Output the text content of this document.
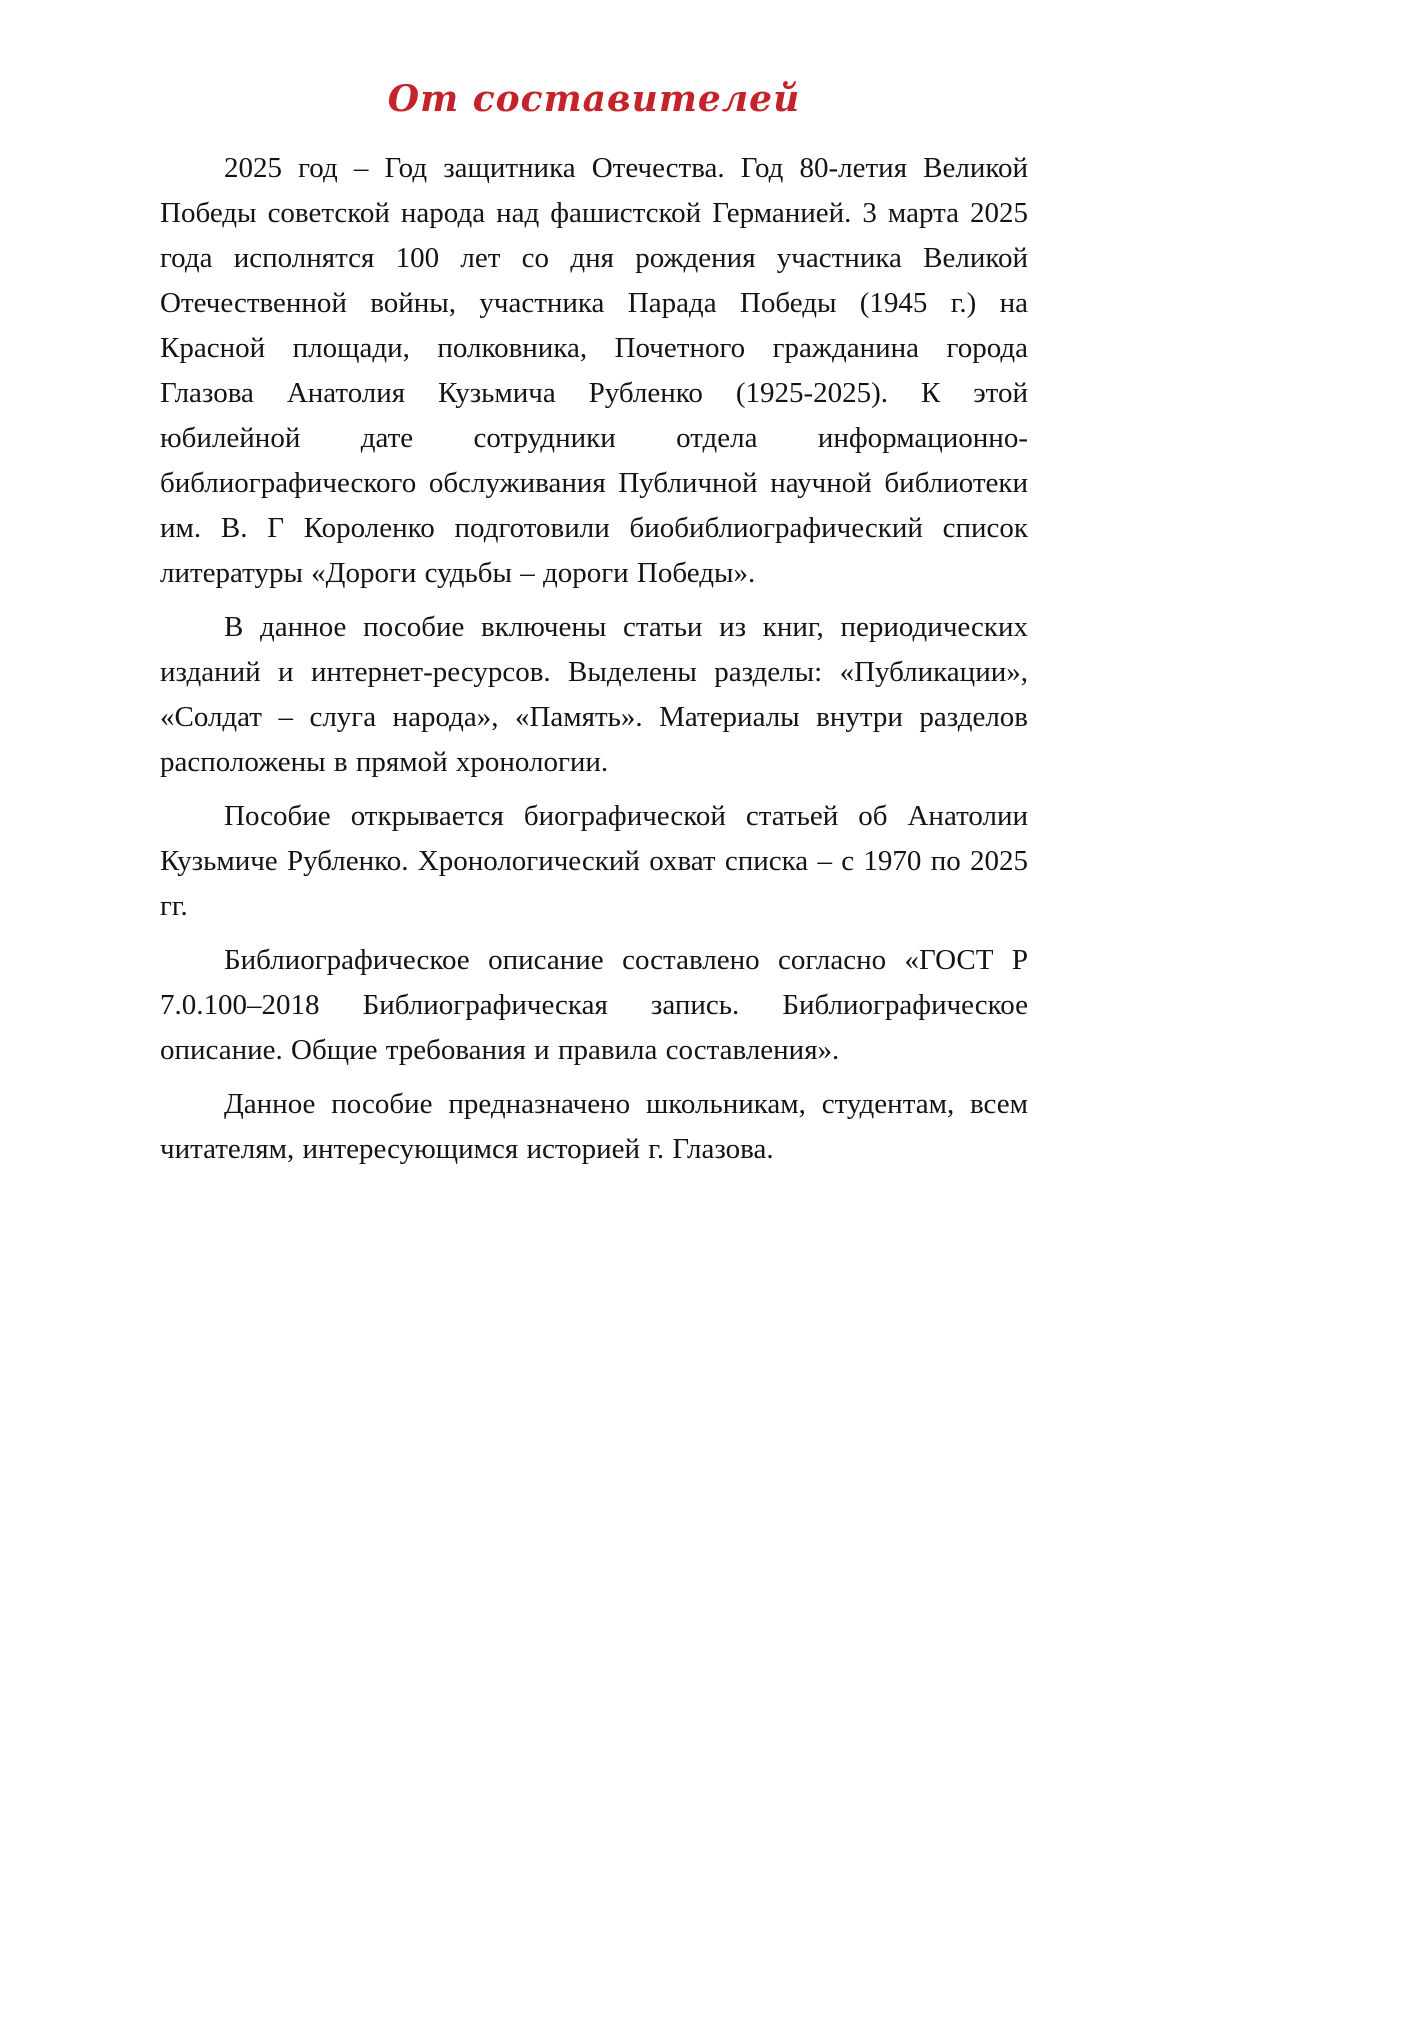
От составителей

2025 год – Год защитника Отечества. Год 80-летия Великой Победы советской народа над фашистской Германией. 3 марта 2025 года исполнятся 100 лет со дня рождения участника Великой Отечественной войны, участника Парада Победы (1945 г.) на Красной площади, полковника, Почетного гражданина города Глазова Анатолия Кузьмича Рубленко (1925-2025). К этой юбилейной дате сотрудники отдела информационно-библиографического обслуживания Публичной научной библиотеки им. В. Г Короленко подготовили биобиблиографический список литературы «Дороги судьбы – дороги Победы».

В данное пособие включены статьи из книг, периодических изданий и интернет-ресурсов. Выделены разделы: «Публикации», «Солдат – слуга народа», «Память». Материалы внутри разделов расположены в прямой хронологии.

Пособие открывается биографической статьей об Анатолии Кузьмиче Рубленко. Хронологический охват списка – с 1970 по 2025 гг.

Библиографическое описание составлено согласно «ГОСТ Р 7.0.100–2018 Библиографическая запись. Библиографическое описание. Общие требования и правила составления».

Данное пособие предназначено школьникам, студентам, всем читателям, интересующимся историей г. Глазова.
